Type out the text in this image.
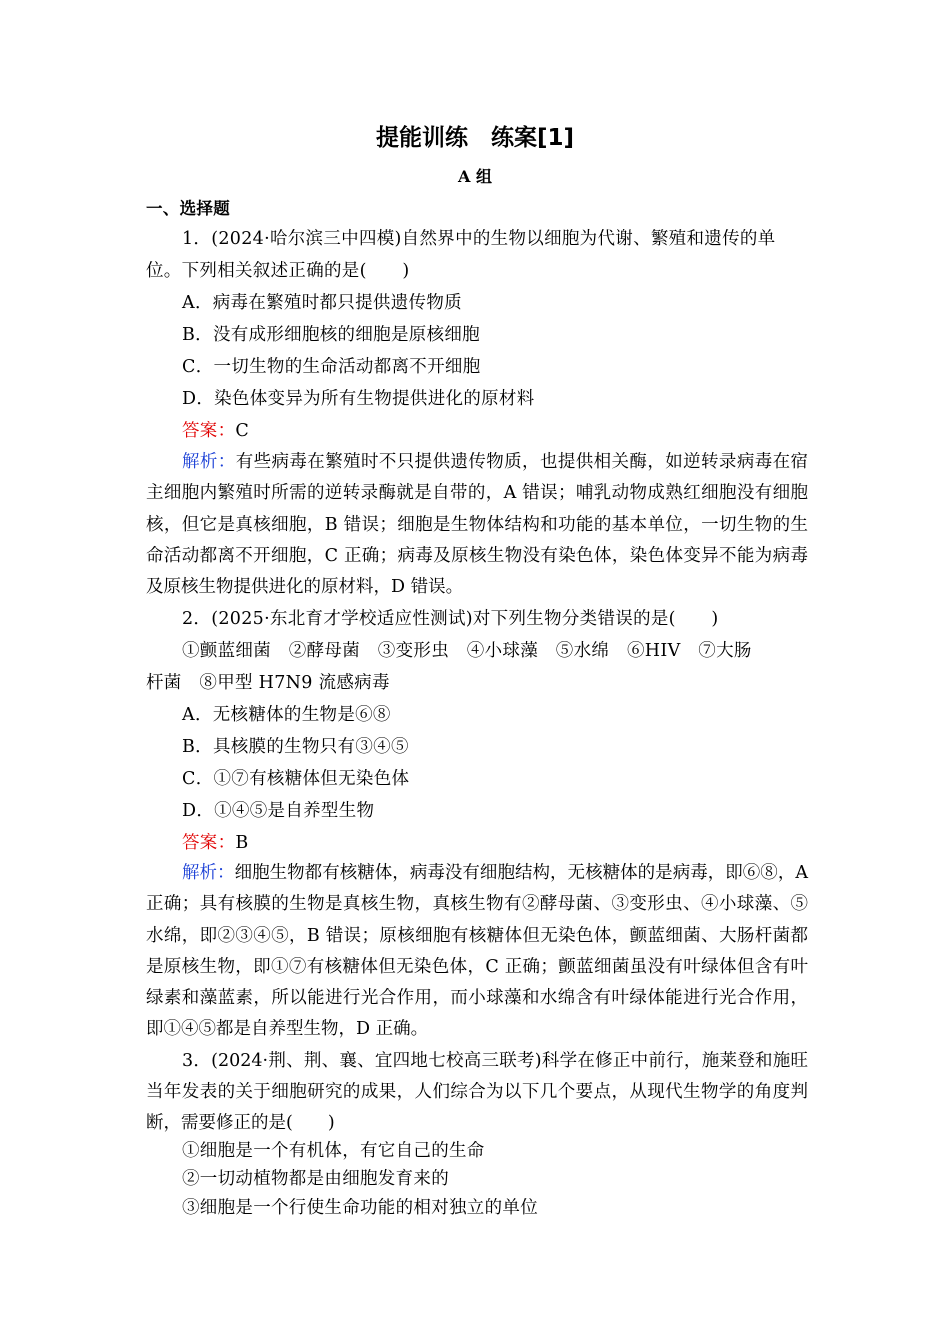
提能训练　练案[1]
A 组
一、选择题
1．(2024·哈尔滨三中四模)自然界中的生物以细胞为代谢、繁殖和遗传的单
位。下列相关叙述正确的是(　　)
A．病毒在繁殖时都只提供遗传物质
B．没有成形细胞核的细胞是原核细胞
C．一切生物的生命活动都离不开细胞
D．染色体变异为所有生物提供进化的原材料
答案：C

解析：有些病毒在繁殖时不只提供遗传物质，也提供相关酶，如逆转录病毒在宿主细胞内繁殖时所需的逆转录酶就是自带的，A 错误；哺乳动物成熟红细胞没有细胞核，但它是真核细胞，B 错误；细胞是生物体结构和功能的基本单位，一切生物的生命活动都离不开细胞，C 正确；病毒及原核生物没有染色体，染色体变异不能为病毒及原核生物提供进化的原材料，D 错误。

2．(2025·东北育才学校适应性测试)对下列生物分类错误的是(　　)
①颤蓝细菌　②酵母菌　③变形虫　④小球藻　⑤水绵　⑥HIV　⑦大肠
杆菌　⑧甲型 H7N9 流感病毒
A．无核糖体的生物是⑥⑧
B．具核膜的生物只有③④⑤
C．①⑦有核糖体但无染色体
D．①④⑤是自养型生物
答案：B

解析：细胞生物都有核糖体，病毒没有细胞结构，无核糖体的是病毒，即⑥⑧，A 正确；具有核膜的生物是真核生物，真核生物有②酵母菌、③变形虫、④小球藻、⑤水绵，即②③④⑤，B 错误；原核细胞有核糖体但无染色体，颤蓝细菌、大肠杆菌都是原核生物，即①⑦有核糖体但无染色体，C 正确；颤蓝细菌虽没有叶绿体但含有叶绿素和藻蓝素，所以能进行光合作用，而小球藻和水绵含有叶绿体能进行光合作用，即①④⑤都是自养型生物，D 正确。

3．(2024·荆、荆、襄、宜四地七校高三联考)科学在修正中前行，施莱登和施旺当年发表的关于细胞研究的成果，人们综合为以下几个要点，从现代生物学的角度判断，需要修正的是(　　)

①细胞是一个有机体，有它自己的生命
②一切动植物都是由细胞发育来的
③细胞是一个行使生命功能的相对独立的单位
